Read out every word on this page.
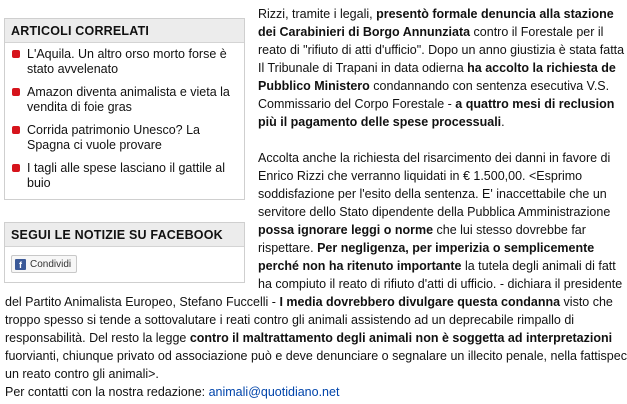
ARTICOLI CORRELATI
L'Aquila. Un altro orso morto forse è
stato avvelenato
Amazon diventa animalista e vieta la
vendita di foie gras
Corrida patrimonio Unesco? La
Spagna ci vuole provare
I tagli alle spese lasciano il gattile al
buio
SEGUI LE NOTIZIE SU FACEBOOK
f Condividi
Rizzi, tramite i legali, presentò formale denuncia alla stazione
dei Carabinieri di Borgo Annunziata contro il Forestale per il
reato di "rifiuto di atti d'ufficio". Dopo un anno giustizia è stata fatta
Il Tribunale di Trapani in data odierna ha accolto la richiesta de
Pubblico Ministero condannando con sentenza esecutiva V.S.
Commissario del Corpo Forestale - a quattro mesi di reclusion
più il pagamento delle spese processuali.
Accolta anche la richiesta del risarcimento dei danni in favore di
Enrico Rizzi che verranno liquidati in € 1.500,00. <Esprimo
soddisfazione per l'esito della sentenza. E' inaccettabile che un
servitore dello Stato dipendente della Pubblica Amministrazione
possa ignorare leggi o norme che lui stesso dovrebbe far
rispettare. Per negligenza, per imperizia o semplicemente
perché non ha ritenuto importante la tutela degli animali di fatt
ha compiuto il reato di rifiuto d'atti di ufficio. - dichiara il presidente
del Partito Animalista Europeo, Stefano Fuccelli - I media dovrebbero divulgare questa condanna visto che
troppo spesso si tende a sottovalutare i reati contro gli animali assistendo ad un deprecabile rimpallo di
responsabilità. Del resto la legge contro il maltrattamento degli animali non è soggetta ad interpretazioni
fuorvianti, chiunque privato od associazione può e deve denunciare o segnalare un illecito penale, nella fattispec
un reato contro gli animali>.
Per contatti con la nostra redazione: animali@quotidiano.net
